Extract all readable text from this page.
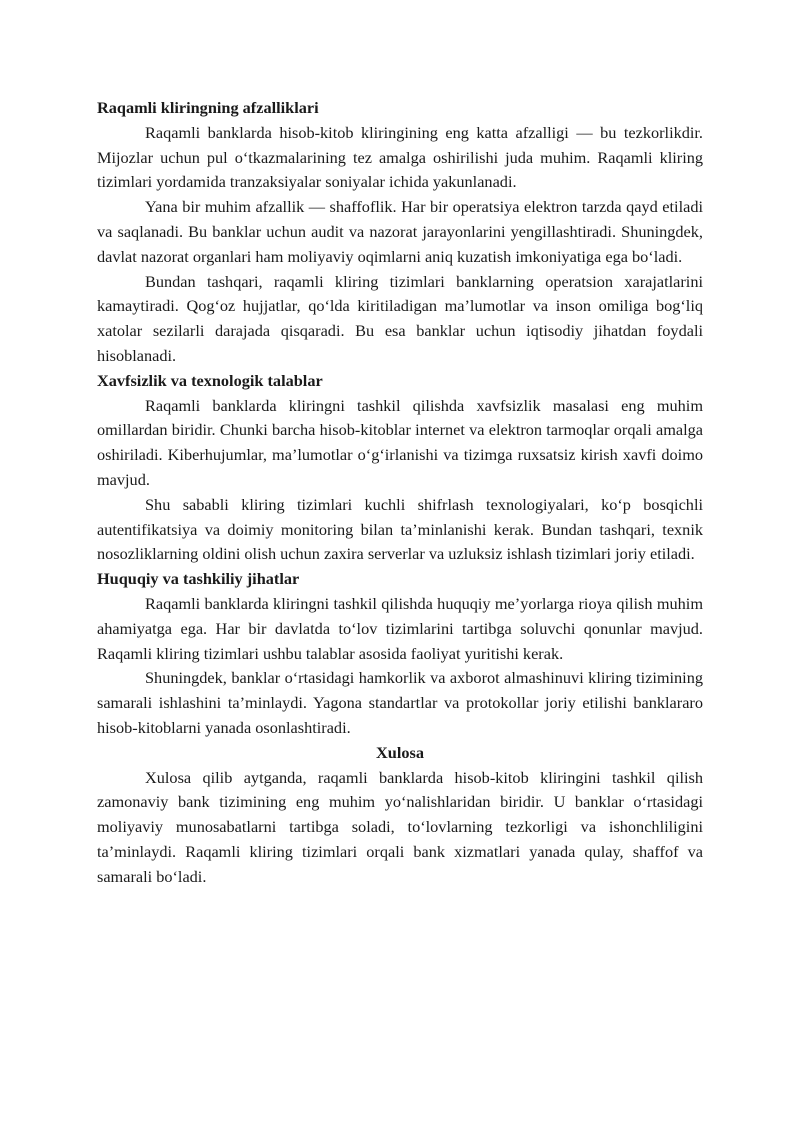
Raqamli kliringning afzalliklari

Raqamli banklarda hisob-kitob kliringining eng katta afzalligi — bu tezkorlikdir. Mijozlar uchun pul o‘tkazmalarining tez amalga oshirilishi juda muhim. Raqamli kliring tizimlari yordamida tranzaksiyalar soniyalar ichida yakunlanadi.

Yana bir muhim afzallik — shaffoflik. Har bir operatsiya elektron tarzda qayd etiladi va saqlanadi. Bu banklar uchun audit va nazorat jarayonlarini yengillashtiradi. Shuningdek, davlat nazorat organlari ham moliyaviy oqimlarni aniq kuzatish imkoniyatiga ega bo‘ladi.

Bundan tashqari, raqamli kliring tizimlari banklarning operatsion xarajatlarini kamaytiradi. Qog‘oz hujjatlar, qo‘lda kiritiladigan ma’lumotlar va inson omiliga bog‘liq xatolar sezilarli darajada qisqaradi. Bu esa banklar uchun iqtisodiy jihatdan foydali hisoblanadi.

Xavfsizlik va texnologik talablar

Raqamli banklarda kliringni tashkil qilishda xavfsizlik masalasi eng muhim omillardan biridir. Chunki barcha hisob-kitoblar internet va elektron tarmoqlar orqali amalga oshiriladi. Kiberhujumlar, ma’lumotlar o‘g‘irlanishi va tizimga ruxsatsiz kirish xavfi doimo mavjud.

Shu sababli kliring tizimlari kuchli shifrlash texnologiyalari, ko‘p bosqichli autentifikatsiya va doimiy monitoring bilan ta’minlanishi kerak. Bundan tashqari, texnik nosozliklarning oldini olish uchun zaxira serverlar va uzluksiz ishlash tizimlari joriy etiladi.

Huquqiy va tashkiliy jihatlar

Raqamli banklarda kliringni tashkil qilishda huquqiy me’yorlarga rioya qilish muhim ahamiyatga ega. Har bir davlatda to‘lov tizimlarini tartibga soluvchi qonunlar mavjud. Raqamli kliring tizimlari ushbu talablar asosida faoliyat yuritishi kerak.

Shuningdek, banklar o‘rtasidagi hamkorlik va axborot almashinuvi kliring tizimining samarali ishlashini ta’minlaydi. Yagona standartlar va protokollar joriy etilishi banklararo hisob-kitoblarni yanada osonlashtiradi.

Xulosa

Xulosa qilib aytganda, raqamli banklarda hisob-kitob kliringini tashkil qilish zamonaviy bank tizimining eng muhim yo‘nalishlaridan biridir. U banklar o‘rtasidagi moliyaviy munosabatlarni tartibga soladi, to‘lovlarning tezkorligi va ishonchliligini ta’minlaydi. Raqamli kliring tizimlari orqali bank xizmatlari yanada qulay, shaffof va samarali bo‘ladi.
